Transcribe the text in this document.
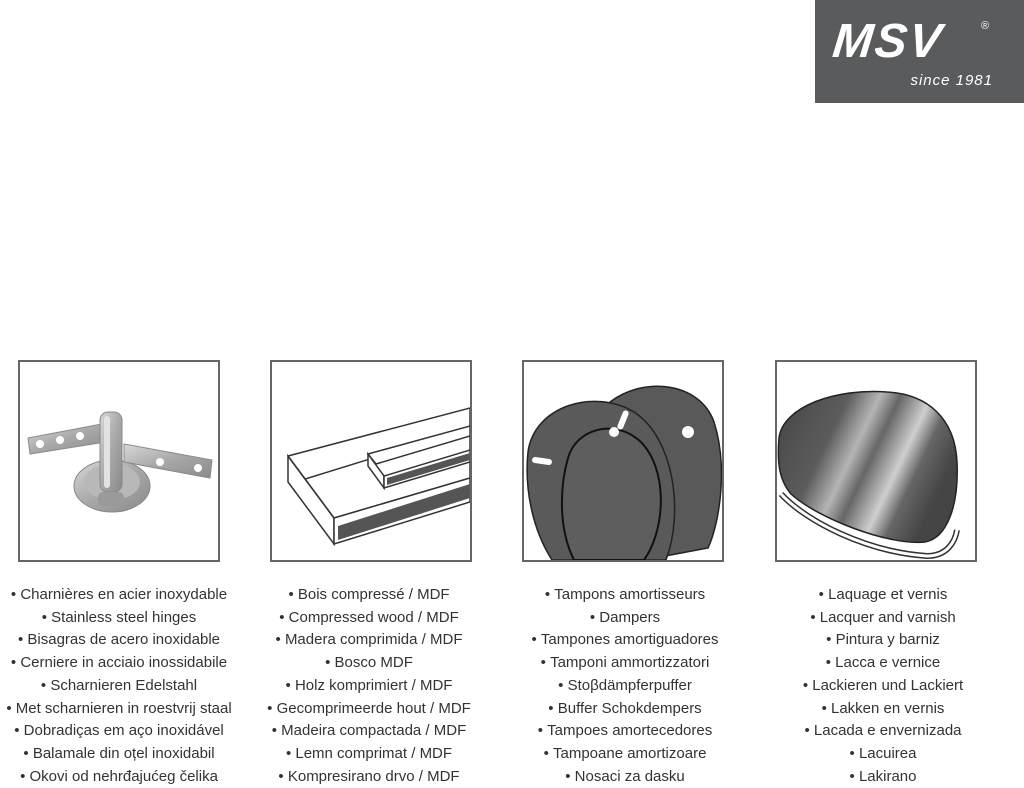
MSV	®
since 1981
• Charnières en acier inoxydable
• Stainless steel hinges
• Bisagras de acero inoxidable
• Cerniere in acciaio inossidabile
• Scharnieren Edelstahl
• Met scharnieren in roestvrij staal
• Dobradiças em aço inoxidável
• Balamale din oțel inoxidabil
• Okovi od nehrđajućeg čelika
• Bois compressé / MDF
• Compressed wood / MDF
• Madera comprimida / MDF
• Bosco MDF
• Holz komprimiert / MDF
• Gecomprimeerde hout / MDF
• Madeira compactada / MDF
• Lemn comprimat / MDF
• Kompresirano drvo / MDF
• Tampons amortisseurs
• Dampers
• Tampones amortiguadores
• Tamponi ammortizzatori
• Stoβdämpferpuffer
• Buffer Schokdempers
• Tampoes amortecedores
• Tampoane amortizoare
• Nosaci za dasku
• Laquage et vernis
• Lacquer and varnish
• Pintura y barniz
• Lacca e vernice
• Lackieren und Lackiert
• Lakken en vernis
• Lacada e envernizada
• Lacuirea
• Lakirano
